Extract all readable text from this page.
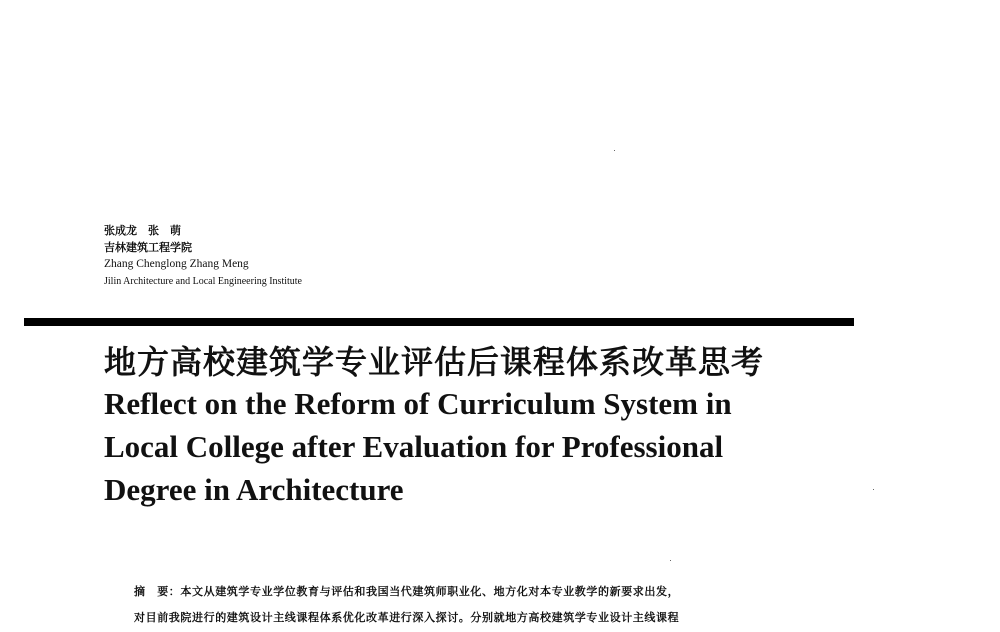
张成龙　张　萌
吉林建筑工程学院
Zhang Chenglong Zhang Meng
Jilin Architecture and Local Engineering Institute
地方高校建筑学专业评估后课程体系改革思考
Reflect on the Reform of Curriculum System in
Local College after Evaluation for Professional
Degree in Architecture
摘　要：本文从建筑学专业学位教育与评估和我国当代建筑师职业化、地方化对本专业教学的新要求出发，
对目前我院进行的建筑设计主线课程体系优化改革进行深入探讨。分别就地方高校建筑学专业设计主线课程
